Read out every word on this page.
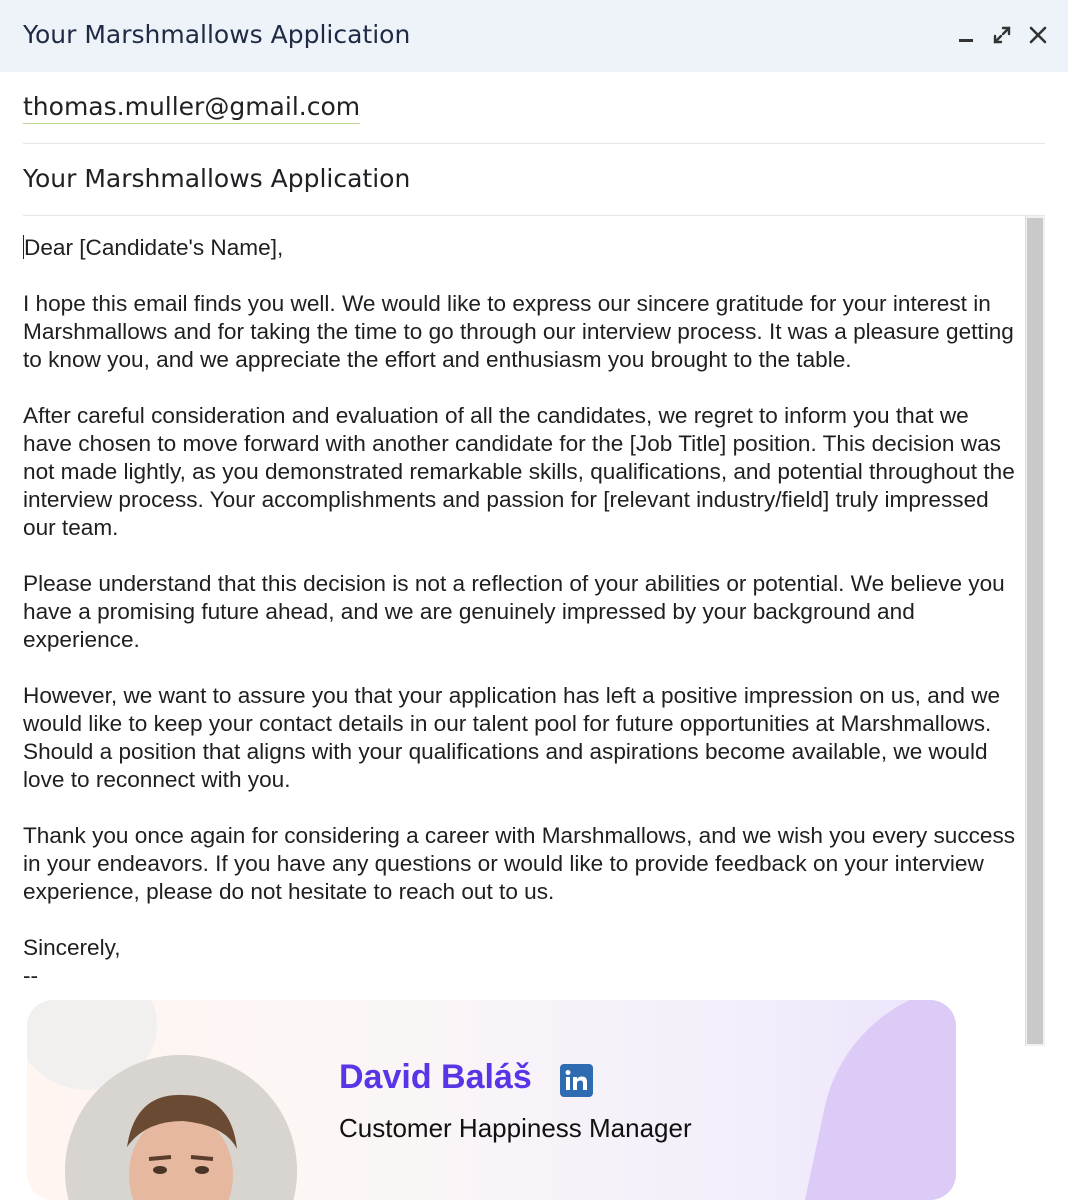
Your Marshmallows Application
thomas.muller@gmail.com
Your Marshmallows Application

Dear [Candidate's Name],

I hope this email finds you well. We would like to express our sincere gratitude for your interest in Marshmallows and for taking the time to go through our interview process. It was a pleasure getting to know you, and we appreciate the effort and enthusiasm you brought to the table.

After careful consideration and evaluation of all the candidates, we regret to inform you that we have chosen to move forward with another candidate for the [Job Title] position. This decision was not made lightly, as you demonstrated remarkable skills, qualifications, and potential throughout the interview process. Your accomplishments and passion for [relevant industry/field] truly impressed our team.

Please understand that this decision is not a reflection of your abilities or potential. We believe you have a promising future ahead, and we are genuinely impressed by your background and experience.

However, we want to assure you that your application has left a positive impression on us, and we would like to keep your contact details in our talent pool for future opportunities at Marshmallows. Should a position that aligns with your qualifications and aspirations become available, we would love to reconnect with you.

Thank you once again for considering a career with Marshmallows, and we wish you every success in your endeavors. If you have any questions or would like to provide feedback on your interview experience, please do not hesitate to reach out to us.

Sincerely,

--

David Baláš
Customer Happiness Manager
